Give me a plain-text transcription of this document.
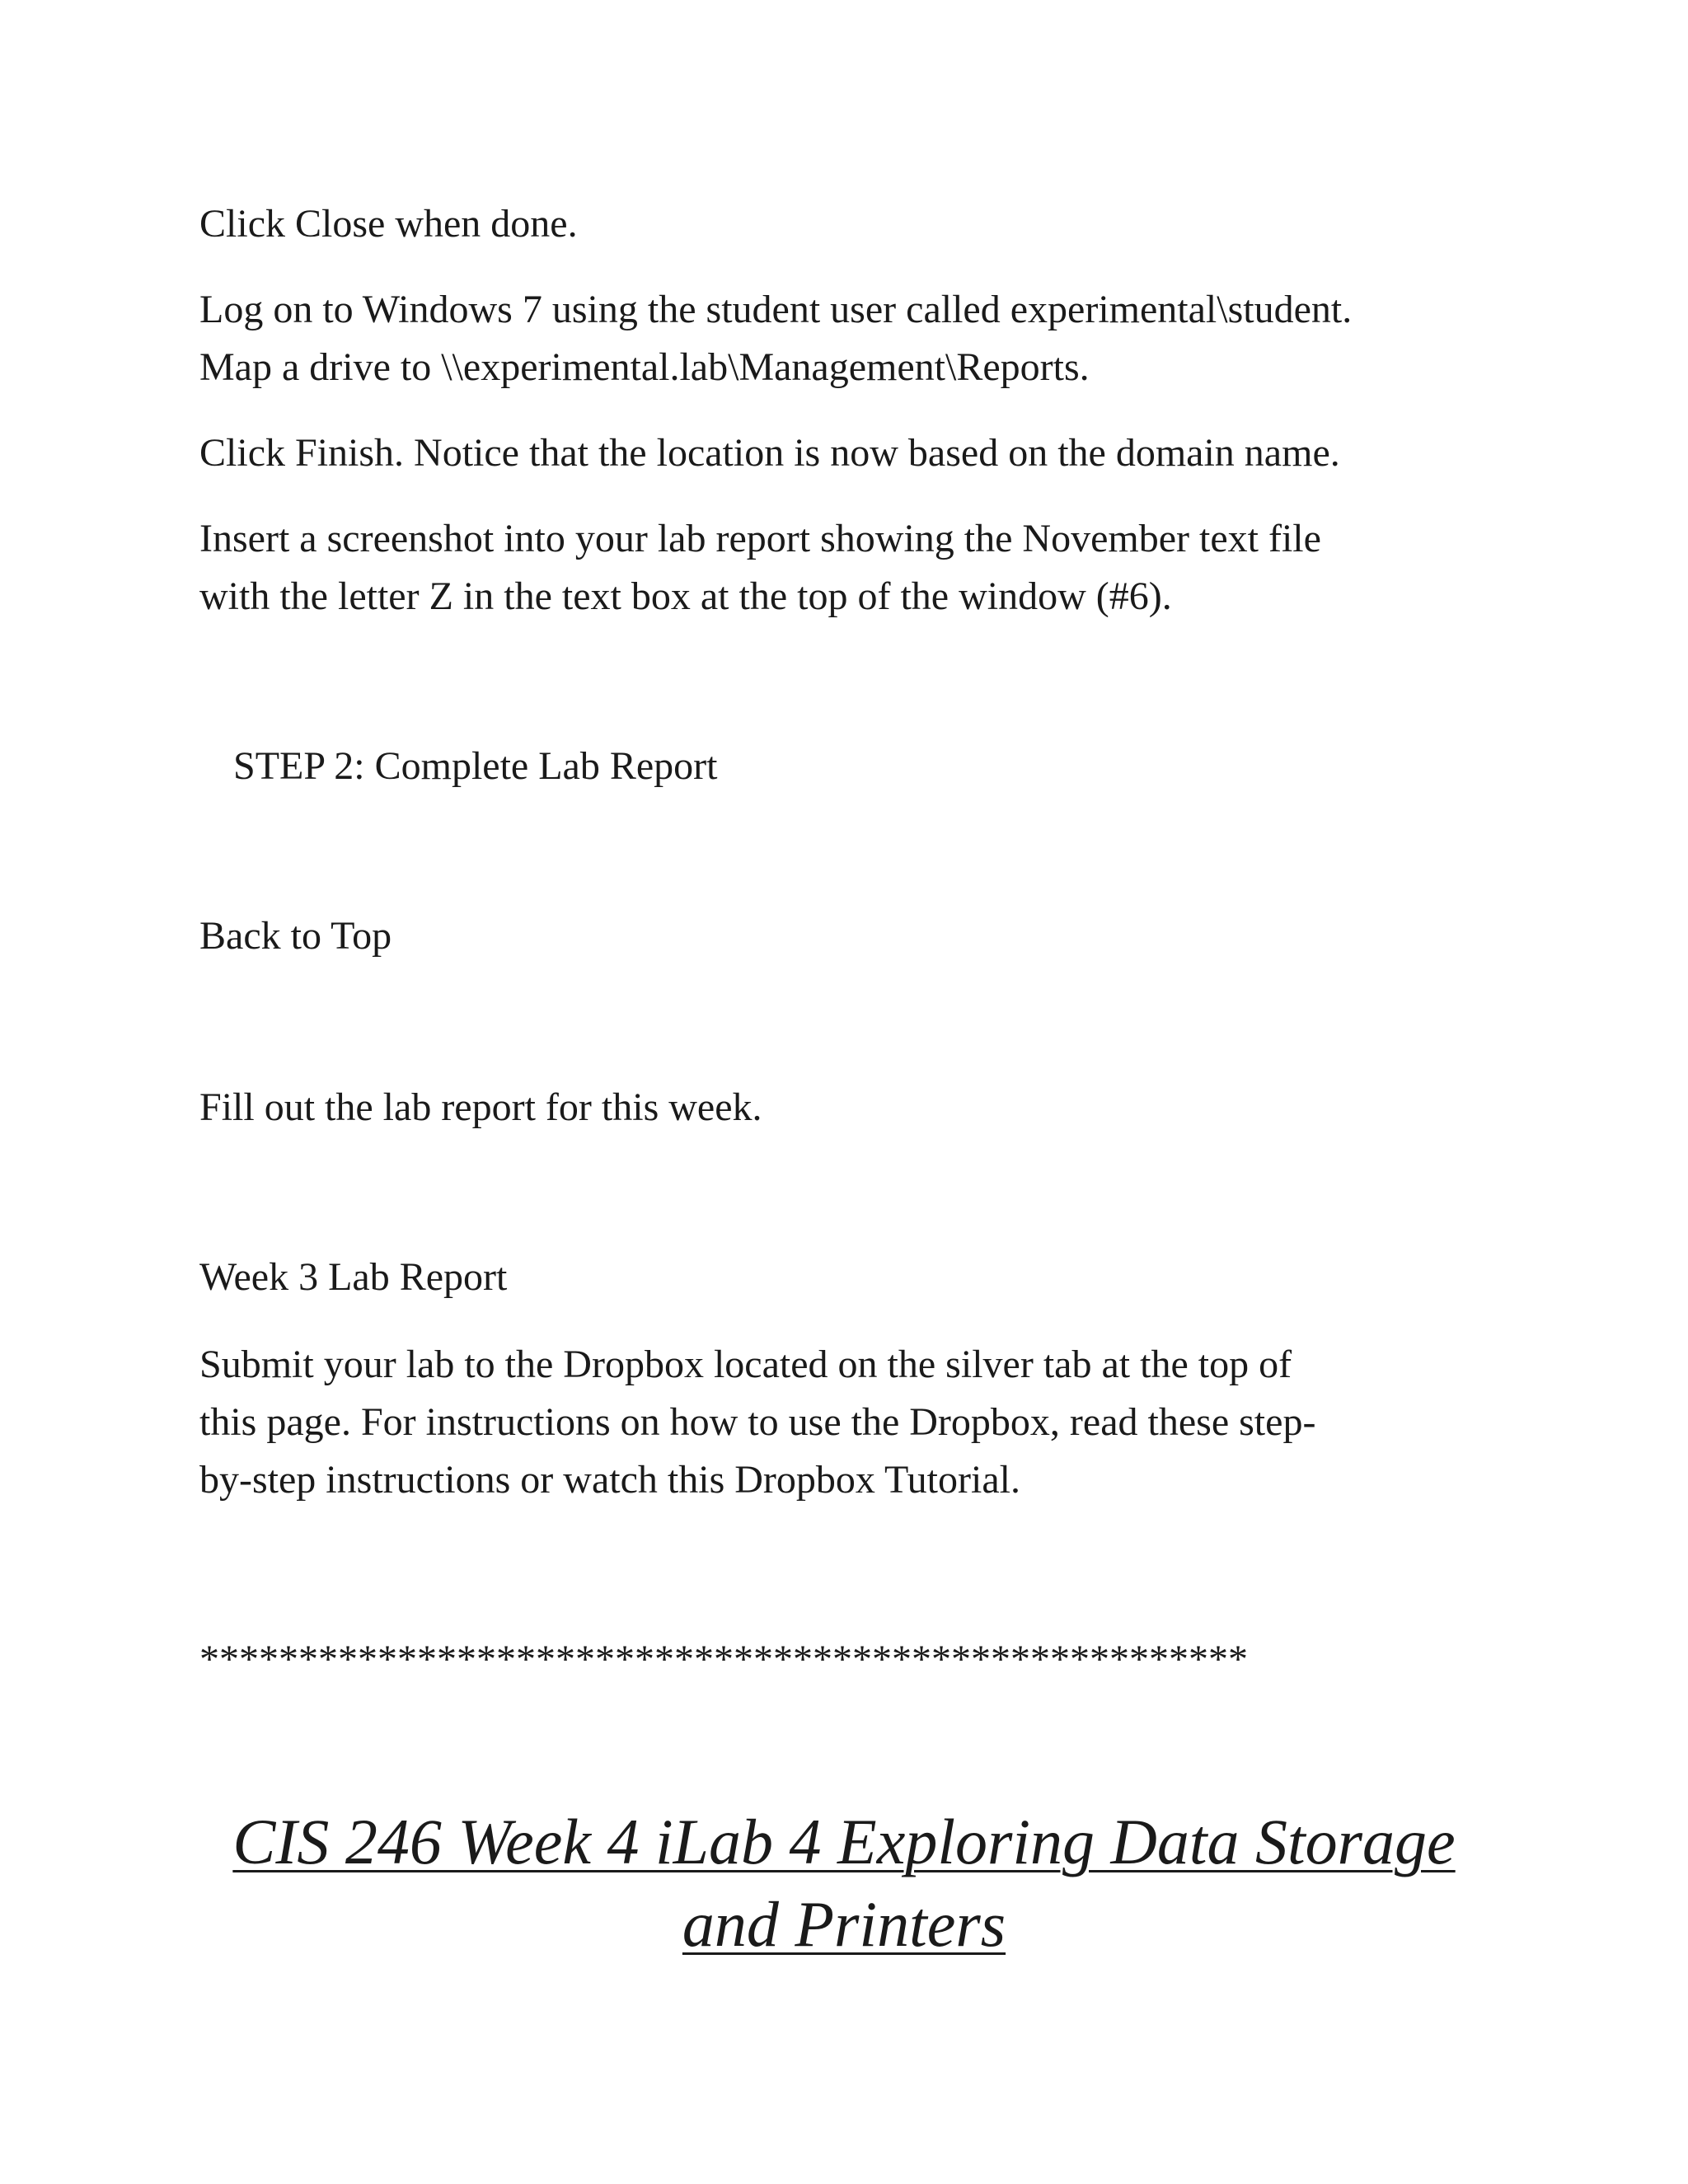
Click Close when done.

Log on to Windows 7 using the student user called experimental\student.

Map a drive to \\experimental.lab\Management\Reports.

Click Finish. Notice that the location is now based on the domain name.

Insert a screenshot into your lab report showing the November text file

with the letter Z in the text box at the top of the window (#6).

STEP 2: Complete Lab Report

Back to Top

Fill out the lab report for this week.

Week 3 Lab Report

Submit your lab to the Dropbox located on the silver tab at the top of

this page. For instructions on how to use the Dropbox, read these step-

by-step instructions or watch this Dropbox Tutorial.

*****************************************************

CIS 246 Week 4 iLab 4 Exploring Data Storage

and Printers
